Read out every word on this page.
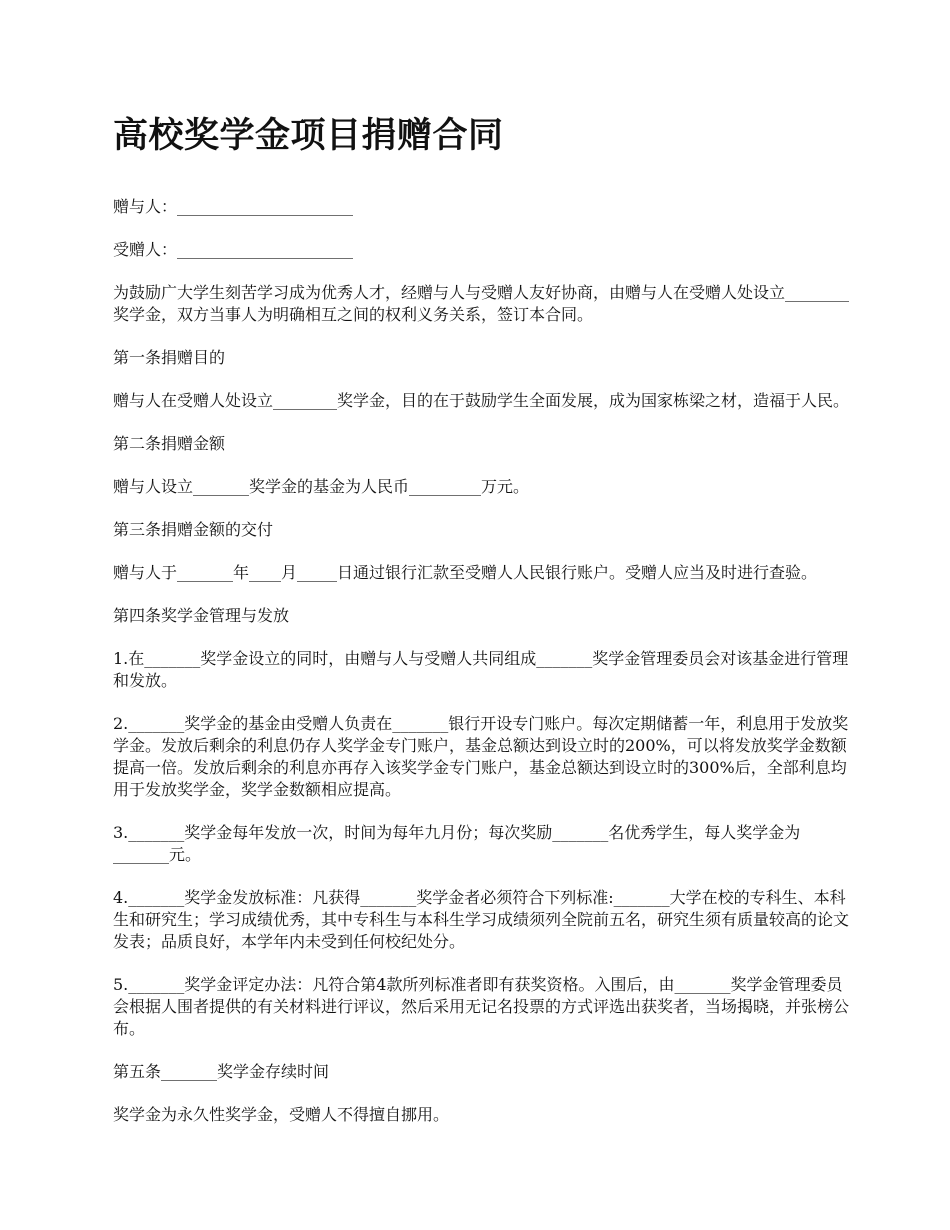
高校奖学金项目捐赠合同

赠与人：______________________

受赠人：______________________

为鼓励广大学生刻苦学习成为优秀人才，经赠与人与受赠人友好协商，由赠与人在受赠人处设立________奖学金，双方当事人为明确相互之间的权利义务关系，签订本合同。

第一条捐赠目的

赠与人在受赠人处设立________奖学金，目的在于鼓励学生全面发展，成为国家栋梁之材，造福于人民。

第二条捐赠金额

赠与人设立_______奖学金的基金为人民币_________万元。

第三条捐赠金额的交付

赠与人于_______年____月_____日通过银行汇款至受赠人人民银行账户。受赠人应当及时进行查验。

第四条奖学金管理与发放

1.在_______奖学金设立的同时，由赠与人与受赠人共同组成_______奖学金管理委员会对该基金进行管理和发放。

2._______奖学金的基金由受赠人负责在_______银行开设专门账户。每次定期储蓄一年，利息用于发放奖学金。发放后剩余的利息仍存人奖学金专门账户，基金总额达到设立时的200%，可以将发放奖学金数额提高一倍。发放后剩余的利息亦再存入该奖学金专门账户，基金总额达到设立时的300%后，全部利息均用于发放奖学金，奖学金数额相应提高。

3._______奖学金每年发放一次，时间为每年九月份；每次奖励_______名优秀学生，每人奖学金为_______元。

4._______奖学金发放标准：凡获得_______奖学金者必须符合下列标准:_______大学在校的专科生、本科生和研究生；学习成绩优秀，其中专科生与本科生学习成绩须列全院前五名，研究生须有质量较高的论文发表；品质良好，本学年内未受到任何校纪处分。

5._______奖学金评定办法：凡符合第4款所列标准者即有获奖资格。入围后，由_______奖学金管理委员会根据人围者提供的有关材料进行评议，然后采用无记名投票的方式评选出获奖者，当场揭晓，并张榜公布。

第五条_______奖学金存续时间

奖学金为永久性奖学金，受赠人不得擅自挪用。
